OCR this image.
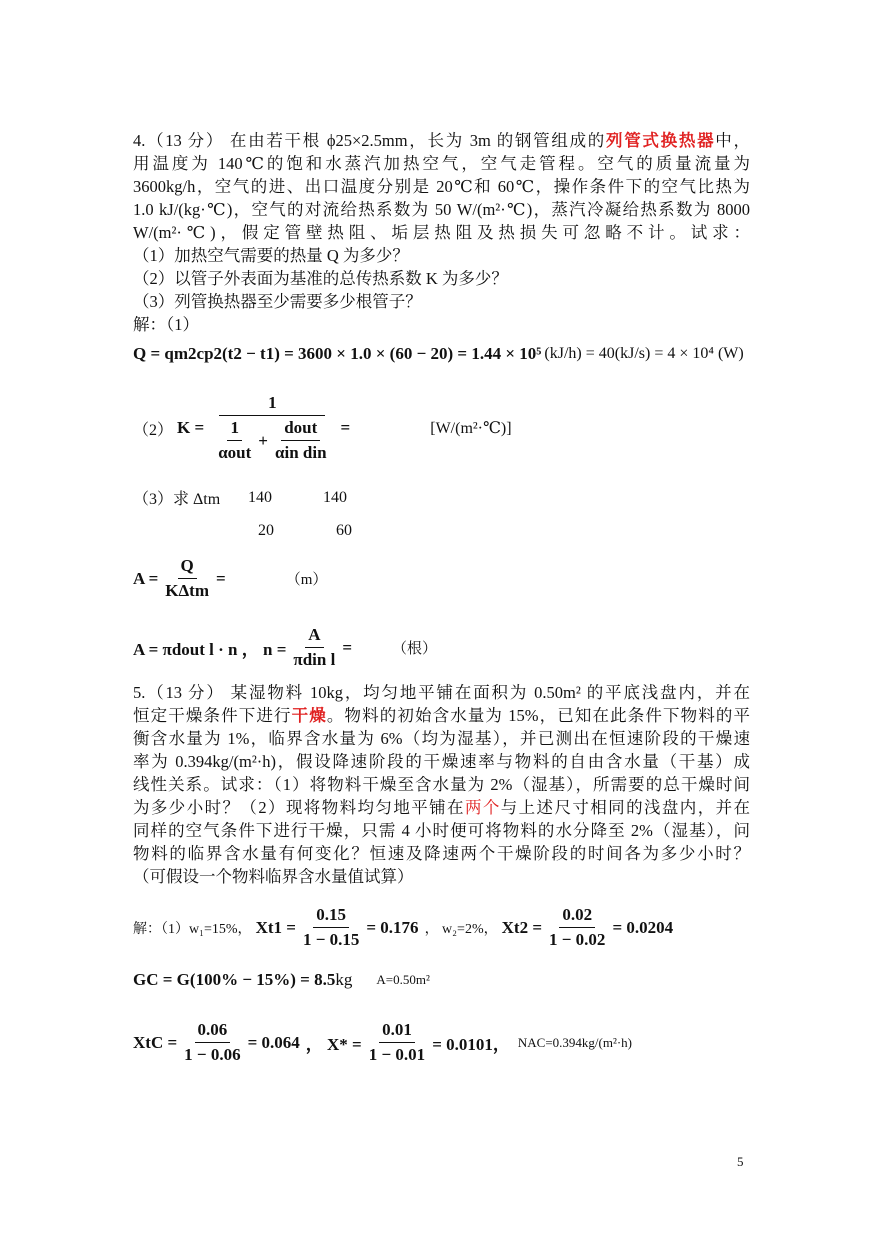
4.（13 分） 在由若干根 ϕ25×2.5mm，长为 3m 的钢管组成的列管式换热器中，
用温度为 140℃的饱和水蒸汽加热空气，空气走管程。空气的质量流量为
3600kg/h，空气的进、出口温度分别是 20℃和 60℃，操作条件下的空气比热为
1.0 kJ/(kg·℃)，空气的对流给热系数为 50 W/(m²·℃)，蒸汽冷凝给热系数为 8000
W/(m²·℃)，假定管壁热阻、垢层热阻及热损失可忽略不计。试求：
（1）加热空气需要的热量 Q 为多少？
（2）以管子外表面为基准的总传热系数 K 为多少？
（3）列管换热器至少需要多少根管子？
解：（1）
Q = qm2cp2(t2 − t1) = 3600 × 1.0 × (60 − 20) = 1.44 × 10⁵ (kJ/h) = 40(kJ/s) = 4 × 10⁴ (W)
（2） $K = \frac{1}{\frac{1}{\text{αout}} + \frac{\text{dout}}{\text{αin din}}}$ =	[W/(m²·℃)]
（3）求 Δtm	140	140
20	60
$A = \frac{Q}{\text{KΔtm}}$ =	（m）
A = πdout l · n ， $n = \frac{A}{\text{πdin l}}$ =	（根）
5.（13 分） 某湿物料 10kg，均匀地平铺在面积为 0.50m² 的平底浅盘内，并在
恒定干燥条件下进行干燥。物料的初始含水量为 15%，已知在此条件下物料的平
衡含水量为 1%，临界含水量为 6%（均为湿基），并已测出在恒速阶段的干燥速
率为 0.394kg/(m²·h)，假设降速阶段的干燥速率与物料的自由含水量（干基）成
线性关系。试求：（1）将物料干燥至含水量为 2%（湿基），所需要的总干燥时间
为多少小时？（2）现将物料均匀地平铺在两个与上述尺寸相同的浅盘内，并在
同样的空气条件下进行干燥，只需 4 小时便可将物料的水分降至 2%（湿基），问
物料的临界含水量有何变化？恒速及降速两个干燥阶段的时间各为多少小时？
（可假设一个物料临界含水量值试算）
解：（1）w₁=15%， $Xt1 = \frac{0.15}{1 - 0.15} = 0.176$ ， w₂=2%， $Xt2 = \frac{0.02}{1 - 0.02} = 0.0204$
GC = G(100% − 15%) = 8.5 kg A=0.50m²
XtC = $\frac{0.06}{1 - 0.06} = 0.064$ ， $X* = \frac{0.01}{1 - 0.01} = 0.0101$， NAC=0.394kg/(m²·h)
5
